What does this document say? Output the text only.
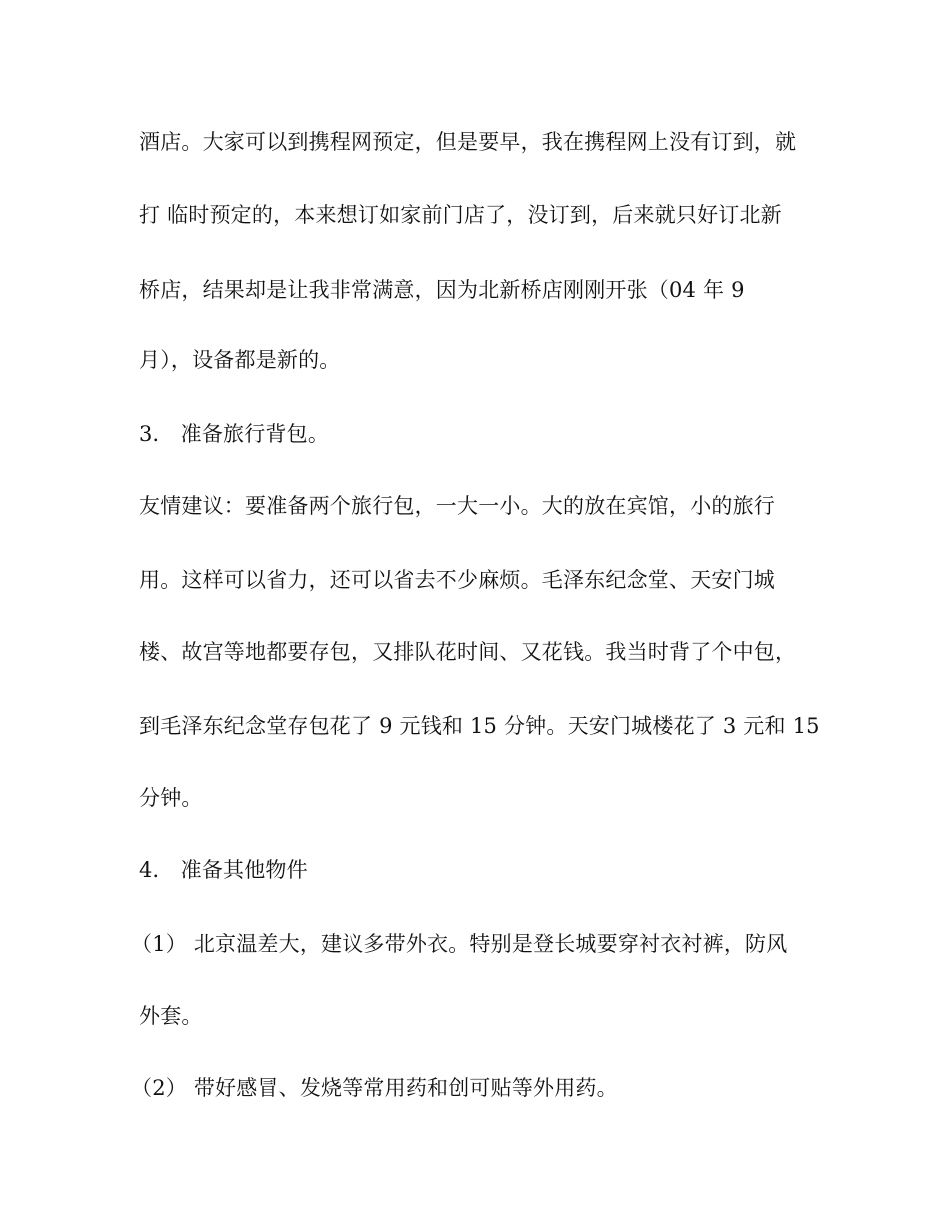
酒店。大家可以到携程网预定，但是要早，我在携程网上没有订到，就
打 临时预定的，本来想订如家前门店了，没订到，后来就只好订北新
桥店，结果却是让我非常满意，因为北新桥店刚刚开张（04 年 9
月），设备都是新的。
3． 准备旅行背包。
友情建议：要准备两个旅行包，一大一小。大的放在宾馆，小的旅行
用。这样可以省力，还可以省去不少麻烦。毛泽东纪念堂、天安门城
楼、故宫等地都要存包，又排队花时间、又花钱。我当时背了个中包，
到毛泽东纪念堂存包花了 9 元钱和 15 分钟。天安门城楼花了 3 元和 15
分钟。
4． 准备其他物件
（1） 北京温差大，建议多带外衣。特别是登长城要穿衬衣衬裤，防风
外套。
（2） 带好感冒、发烧等常用药和创可贴等外用药。
